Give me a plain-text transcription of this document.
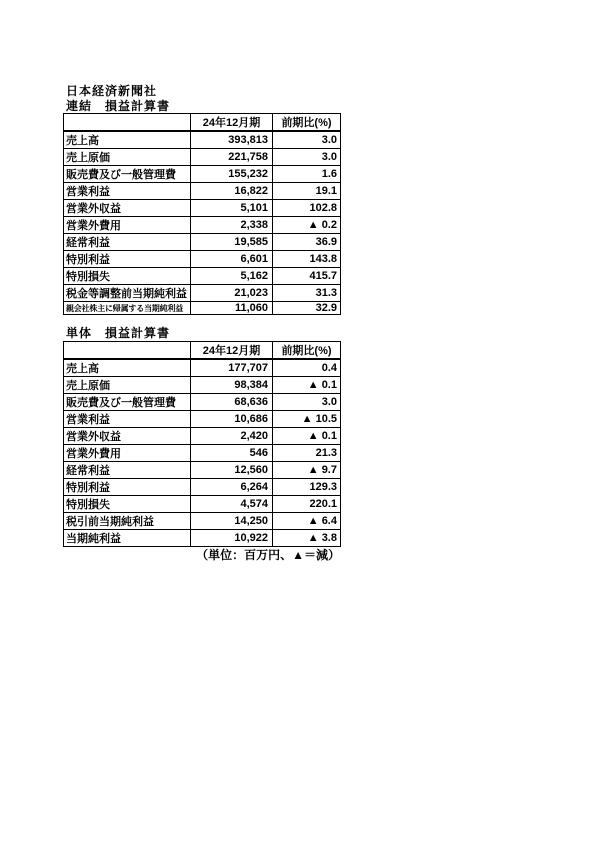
日本経済新聞社
連結　損益計算書
	24年12月期	前期比(%)
売上高	393,813	3.0
売上原価	221,758	3.0
販売費及び一般管理費	155,232	1.6
営業利益	16,822	19.1
営業外収益	5,101	102.8
営業外費用	2,338	▲ 0.2
経常利益	19,585	36.9
特別利益	6,601	143.8
特別損失	5,162	415.7
税金等調整前当期純利益	21,023	31.3
親会社株主に帰属する当期純利益	11,060	32.9
単体　損益計算書
	24年12月期	前期比(%)
売上高	177,707	0.4
売上原価	98,384	▲ 0.1
販売費及び一般管理費	68,636	3.0
営業利益	10,686	▲ 10.5
営業外収益	2,420	▲ 0.1
営業外費用	546	21.3
経常利益	12,560	▲ 9.7
特別利益	6,264	129.3
特別損失	4,574	220.1
税引前当期純利益	14,250	▲ 6.4
当期純利益	10,922	▲ 3.8
（単位：百万円、▲＝減）
